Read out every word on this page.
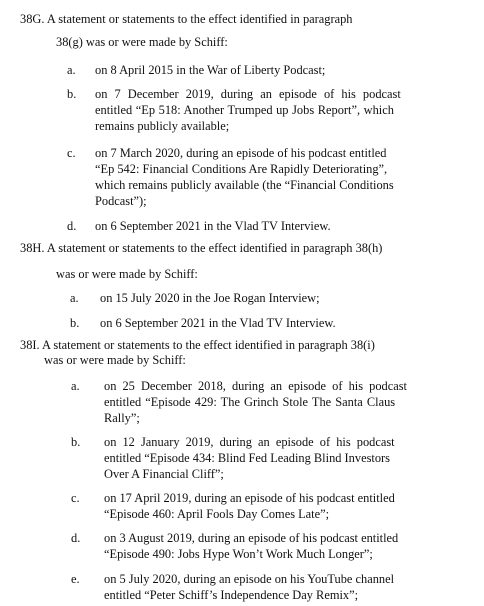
38G. A statement or statements to the effect identified in paragraph
38(g) was or were made by Schiff:
a. on 8 April 2015 in the War of Liberty Podcast;
b. on 7 December 2019, during an episode of his podcast
entitled “Ep 518: Another Trumped up Jobs Report”, which
remains publicly available;
c. on 7 March 2020, during an episode of his podcast entitled
“Ep 542: Financial Conditions Are Rapidly Deteriorating”,
which remains publicly available (the “Financial Conditions
Podcast”);
d. on 6 September 2021 in the Vlad TV Interview.
38H. A statement or statements to the effect identified in paragraph 38(h)
was or were made by Schiff:
a. on 15 July 2020 in the Joe Rogan Interview;
b. on 6 September 2021 in the Vlad TV Interview.
38I. A statement or statements to the effect identified in paragraph 38(i)
was or were made by Schiff:
a. on 25 December 2018, during an episode of his podcast
entitled “Episode 429: The Grinch Stole The Santa Claus
Rally”;
b. on 12 January 2019, during an episode of his podcast
entitled “Episode 434: Blind Fed Leading Blind Investors
Over A Financial Cliff”;
c. on 17 April 2019, during an episode of his podcast entitled
“Episode 460: April Fools Day Comes Late”;
d. on 3 August 2019, during an episode of his podcast entitled
“Episode 490: Jobs Hype Won’t Work Much Longer”;
e. on 5 July 2020, during an episode on his YouTube channel
entitled “Peter Schiff’s Independence Day Remix”;
